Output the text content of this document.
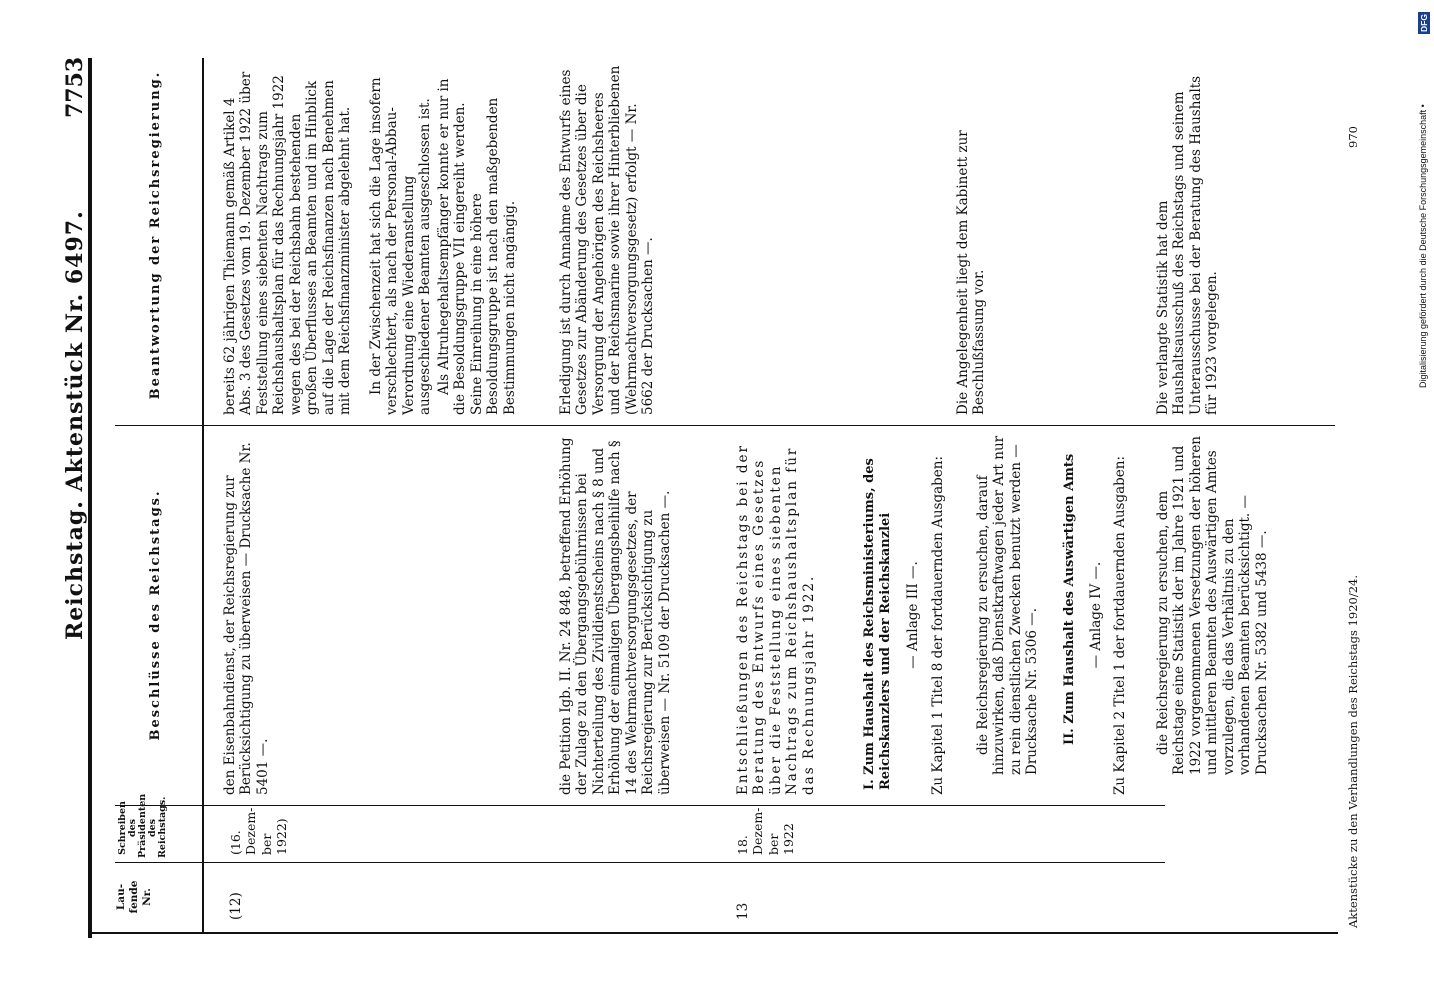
7753
Reichstag. Aktenstück Nr. 6497.
Lau-
fende
Nr.
Schreiben
des
Präsidenten
des
Reichstags.
Beschlüsse des Reichstags.
Beantwortung der Reichsregierung.
(12)
(16. Dezem-
ber 1922)
den Eisenbahndienst, der Reichsregierung zur Berücksichtigung zu überweisen — Drucksache Nr. 5401 —.
bereits 62 jährigen Thiemann gemäß Artikel 4 Abs. 3 des Gesetzes vom 19. Dezember 1922 über Feststellung eines siebenten Nachtrags zum Reichshaushaltsplan für das Rechnungsjahr 1922 wegen des bei der Reichsbahn bestehenden großen Überflusses an Beamten und im Hinblick auf die Lage der Reichsfinanzen nach Benehmen mit dem Reichsfinanzminister abgelehnt hat. In der Zwischenzeit hat sich die Lage insofern verschlechtert, als nach der Personal-Abbau-Verordnung eine Wiederanstellung ausgeschiedener Beamten ausgeschlossen ist. Als Altruhegehaltsempfänger konnte er nur in die Besoldungsgruppe VII eingereiht werden. Seine Einreihung in eine höhere Besoldungsgruppe ist nach den maßgebenden Bestimmungen nicht angängig.
die Petition Igb. II. Nr. 24 848, betreffend Erhöhung der Zulage zu den Übergangsgebührnissen bei Nichterteilung des Zivildienstscheins nach § 8 und Erhöhung der einmaligen Übergangsbeihilfe nach § 14 des Wehrmachtversorgungsgesetzes, der Reichsregierung zur Berücksichtigung zu überweisen — Nr. 5109 der Drucksachen —.
Erledigung ist durch Annahme des Entwurfs eines Gesetzes zur Abänderung des Gesetzes über die Versorgung der Angehörigen des Reichsheeres und der Reichsmarine sowie ihrer Hinterbliebenen (Wehrmachtversorgungsgesetz) erfolgt — Nr. 5662 der Drucksachen —.
13
18. Dezem-
ber 1922
Entschließungen des Reichstags bei der Beratung des Entwurfs eines Gesetzes über die Feststellung eines siebenten Nachtrags zum Reichshaushaltsplan für das Rechnungsjahr 1922.	I. Zum Haushalt des Reichsministeriums, des Reichskanzlers und der Reichskanzlei — Anlage III —. Zu Kapitel 1 Titel 8 der fortdauernden Ausgaben: die Reichsregierung zu ersuchen, darauf hinzuwirken, daß Dienstkraftwagen jeder Art nur zu rein dienstlichen Zwecken benutzt werden — Drucksache Nr. 5306 —.
Die Angelegenheit liegt dem Kabinett zur Beschlußfassung vor.
II. Zum Haushalt des Auswärtigen Amts — Anlage IV —. Zu Kapitel 2 Titel 1 der fortdauernden Ausgaben: die Reichsregierung zu ersuchen, dem Reichstage eine Statistik der im Jahre 1921 und 1922 vorgenommenen Versetzungen der höheren und mittleren Beamten des Auswärtigen Amtes vorzulegen, die das Verhältnis zu den vorhandenen Beamten berücksichtigt. — Drucksachen Nr. 5382 und 5438 —.
Die verlangte Statistik hat dem Haushaltsausschuß des Reichstags und seinem Unterausschusse bei der Beratung des Haushalts für 1923 vorgelegen.
Aktenstücke zu den Verhandlungen des Reichstags 1920/24.
970	Digitalisierung gefördert durch die Deutsche Forschungsgemeinschaft •
DFG
